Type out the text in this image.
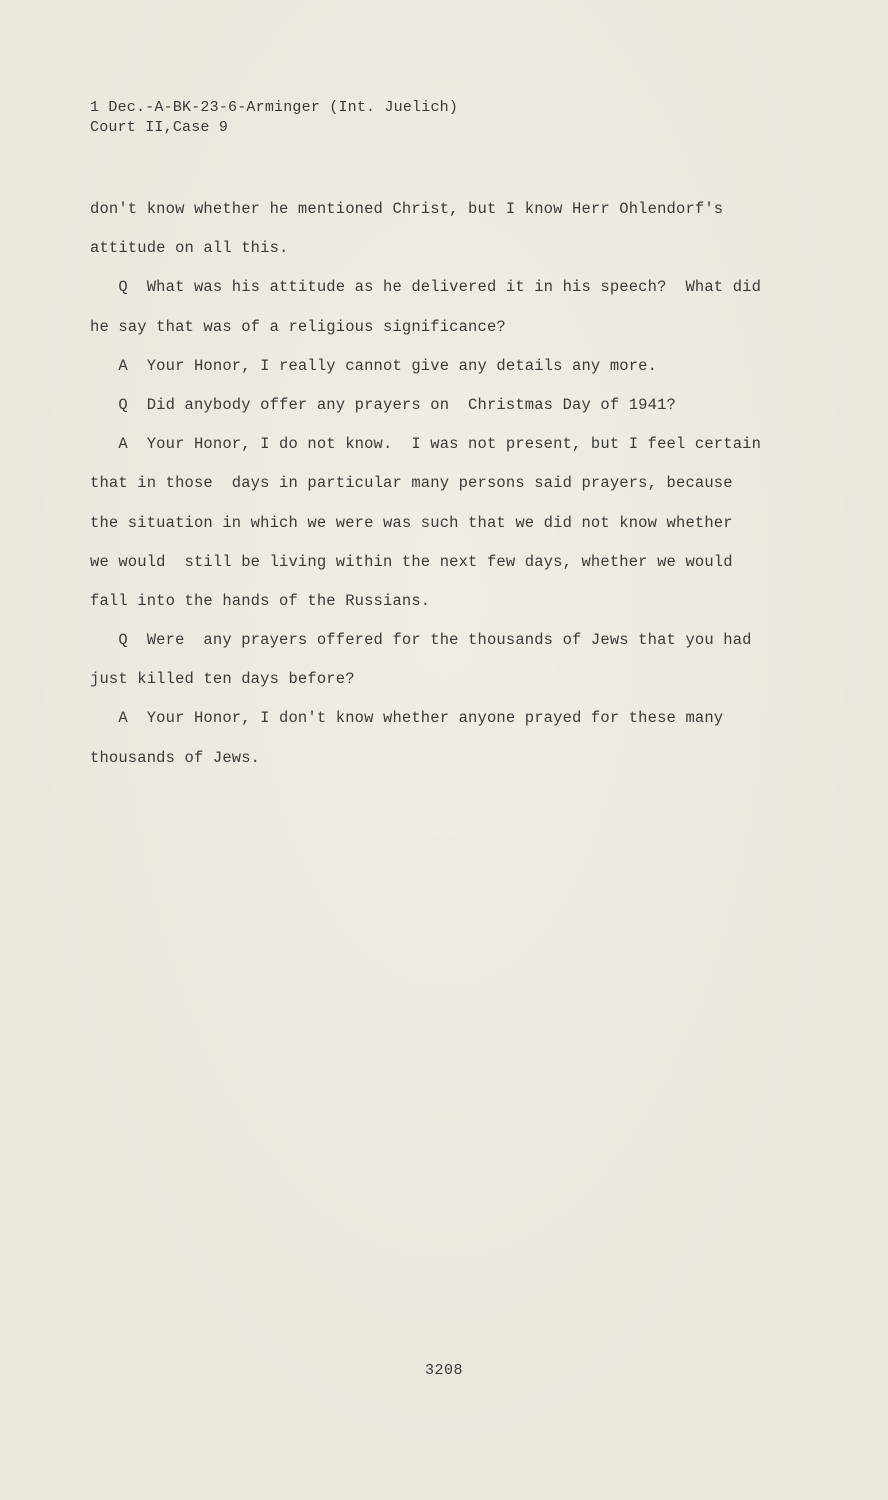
1 Dec.-A-BK-23-6-Arminger (Int. Juelich)
Court II,Case 9
don't know whether he mentioned Christ, but I know Herr Ohlendorf's
attitude on all this.
Q  What was his attitude as he delivered it in his speech?  What did
he say that was of a religious significance?
A  Your Honor, I really cannot give any details any more.
Q  Did anybody offer any prayers on  Christmas Day of 1941?
A  Your Honor, I do not know.  I was not present, but I feel certain
that in those  days in particular many persons said prayers, because
the situation in which we were was such that we did not know whether
we would  still be living within the next few days, whether we would
fall into the hands of the Russians.
Q  Were  any prayers offered for the thousands of Jews that you had
just killed ten days before?
A  Your Honor, I don't know whether anyone prayed for these many
thousands of Jews.
3208
